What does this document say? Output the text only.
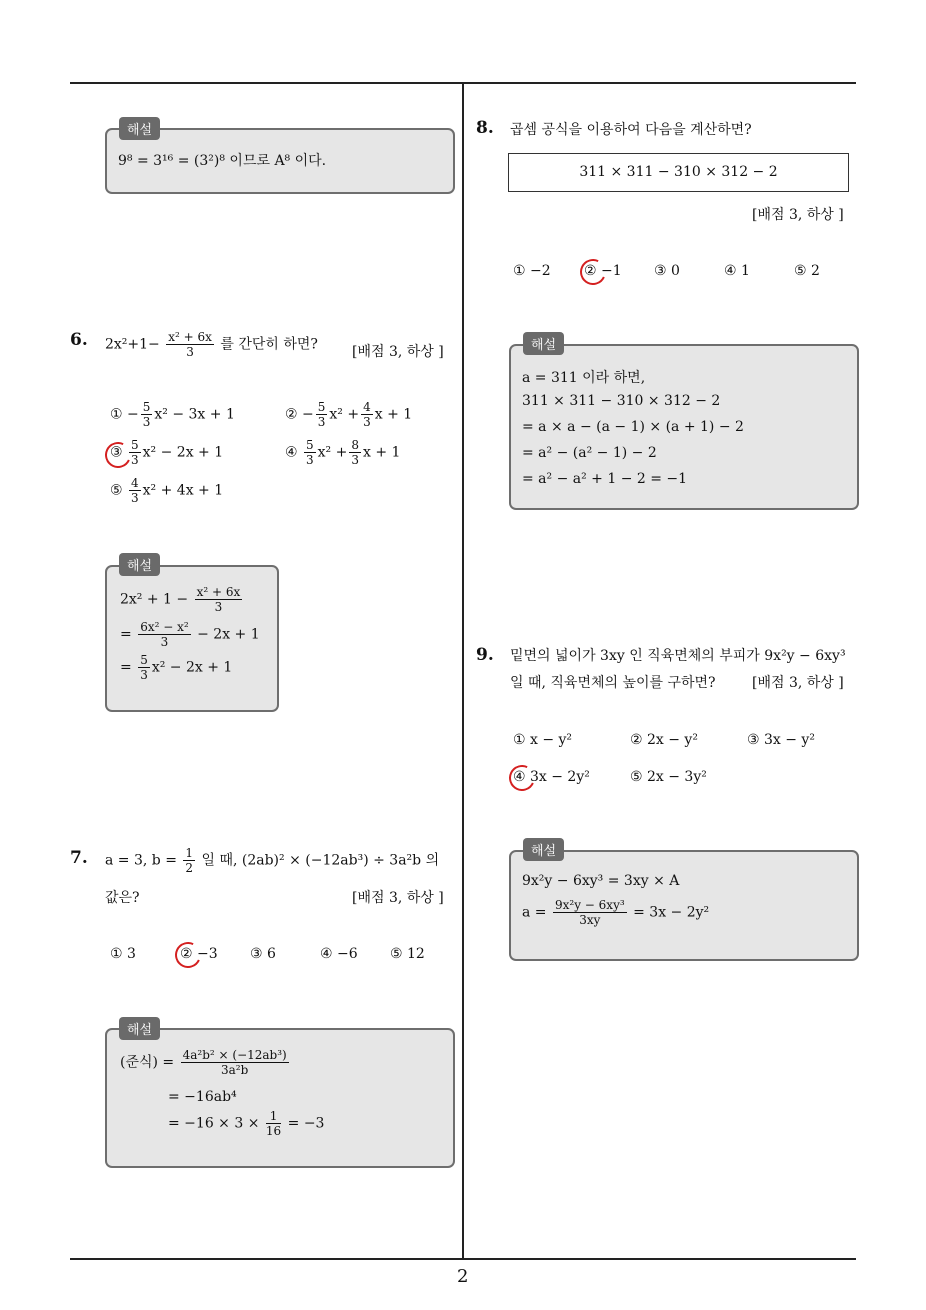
2
해설
9⁸ = 3¹⁶ = (3²)⁸ 이므로 A⁸ 이다.
6. $2x^2+1- \frac{\text{x² + 6x}}{3}$ 를 간단히 하면? [배점 3, 하상 ]
① − $\frac{5}{3} x^2 - 3x + 1$	② − $\frac{5}{3} x^2 + \frac{4}{3}$ x + 1
③ $\frac{5}{3} x^2 - 2x + 1$	④ $\frac{5}{3} x^2 + \frac{8}{3}$ x + 1
⑤ $\frac{4}{3} x^2 + 4x + 1$
해설
$2x^2 + 1 - \frac{\text{x² + 6x}}{3}$
= $\frac{\text{6x² − x²}}{3} - 2x + 1$
= $\frac{5}{3} x^2 - 2x + 1$
7. a = 3, $b = \frac{1}{2}$ 일 때, (2ab)² × (−12ab³) ÷ 3a²b 의
값은?	[배점 3, 하상 ]
① 3	② −3 ③ 6	④ −6 ⑤ 12
해설
(준식) = $\frac{\text{4a²b² × (−12ab³)}}{\text{3a²b}}$
= −16ab⁴
= $-16 \times 3 \times \frac{1}{16} = -3$
8. 곱셈 공식을 이용하여 다음을 계산하면?
311 × 311 − 310 × 312 − 2
[배점 3, 하상 ]
① −2 ② −1 ③ 0	④ 1	⑤ 2
해설
a = 311 이라 하면,
311 × 311 − 310 × 312 − 2
= a × a − (a − 1) × (a + 1) − 2
= a² − (a² − 1) − 2
= a² − a² + 1 − 2 = −1
9. 밑면의 넓이가 3xy 인 직육면체의 부피가 9x²y − 6xy³
일 때, 직육면체의 높이를 구하면?	[배점 3, 하상 ]
① x − y²	② 2x − y²	③ 3x − y²
④ 3x − 2y²	⑤ 2x − 3y²
해설
9x²y − 6xy³ = 3xy × A
$a = \frac{\text{9x²y − 6xy³}}{3xy} = 3x - 2y^2$
